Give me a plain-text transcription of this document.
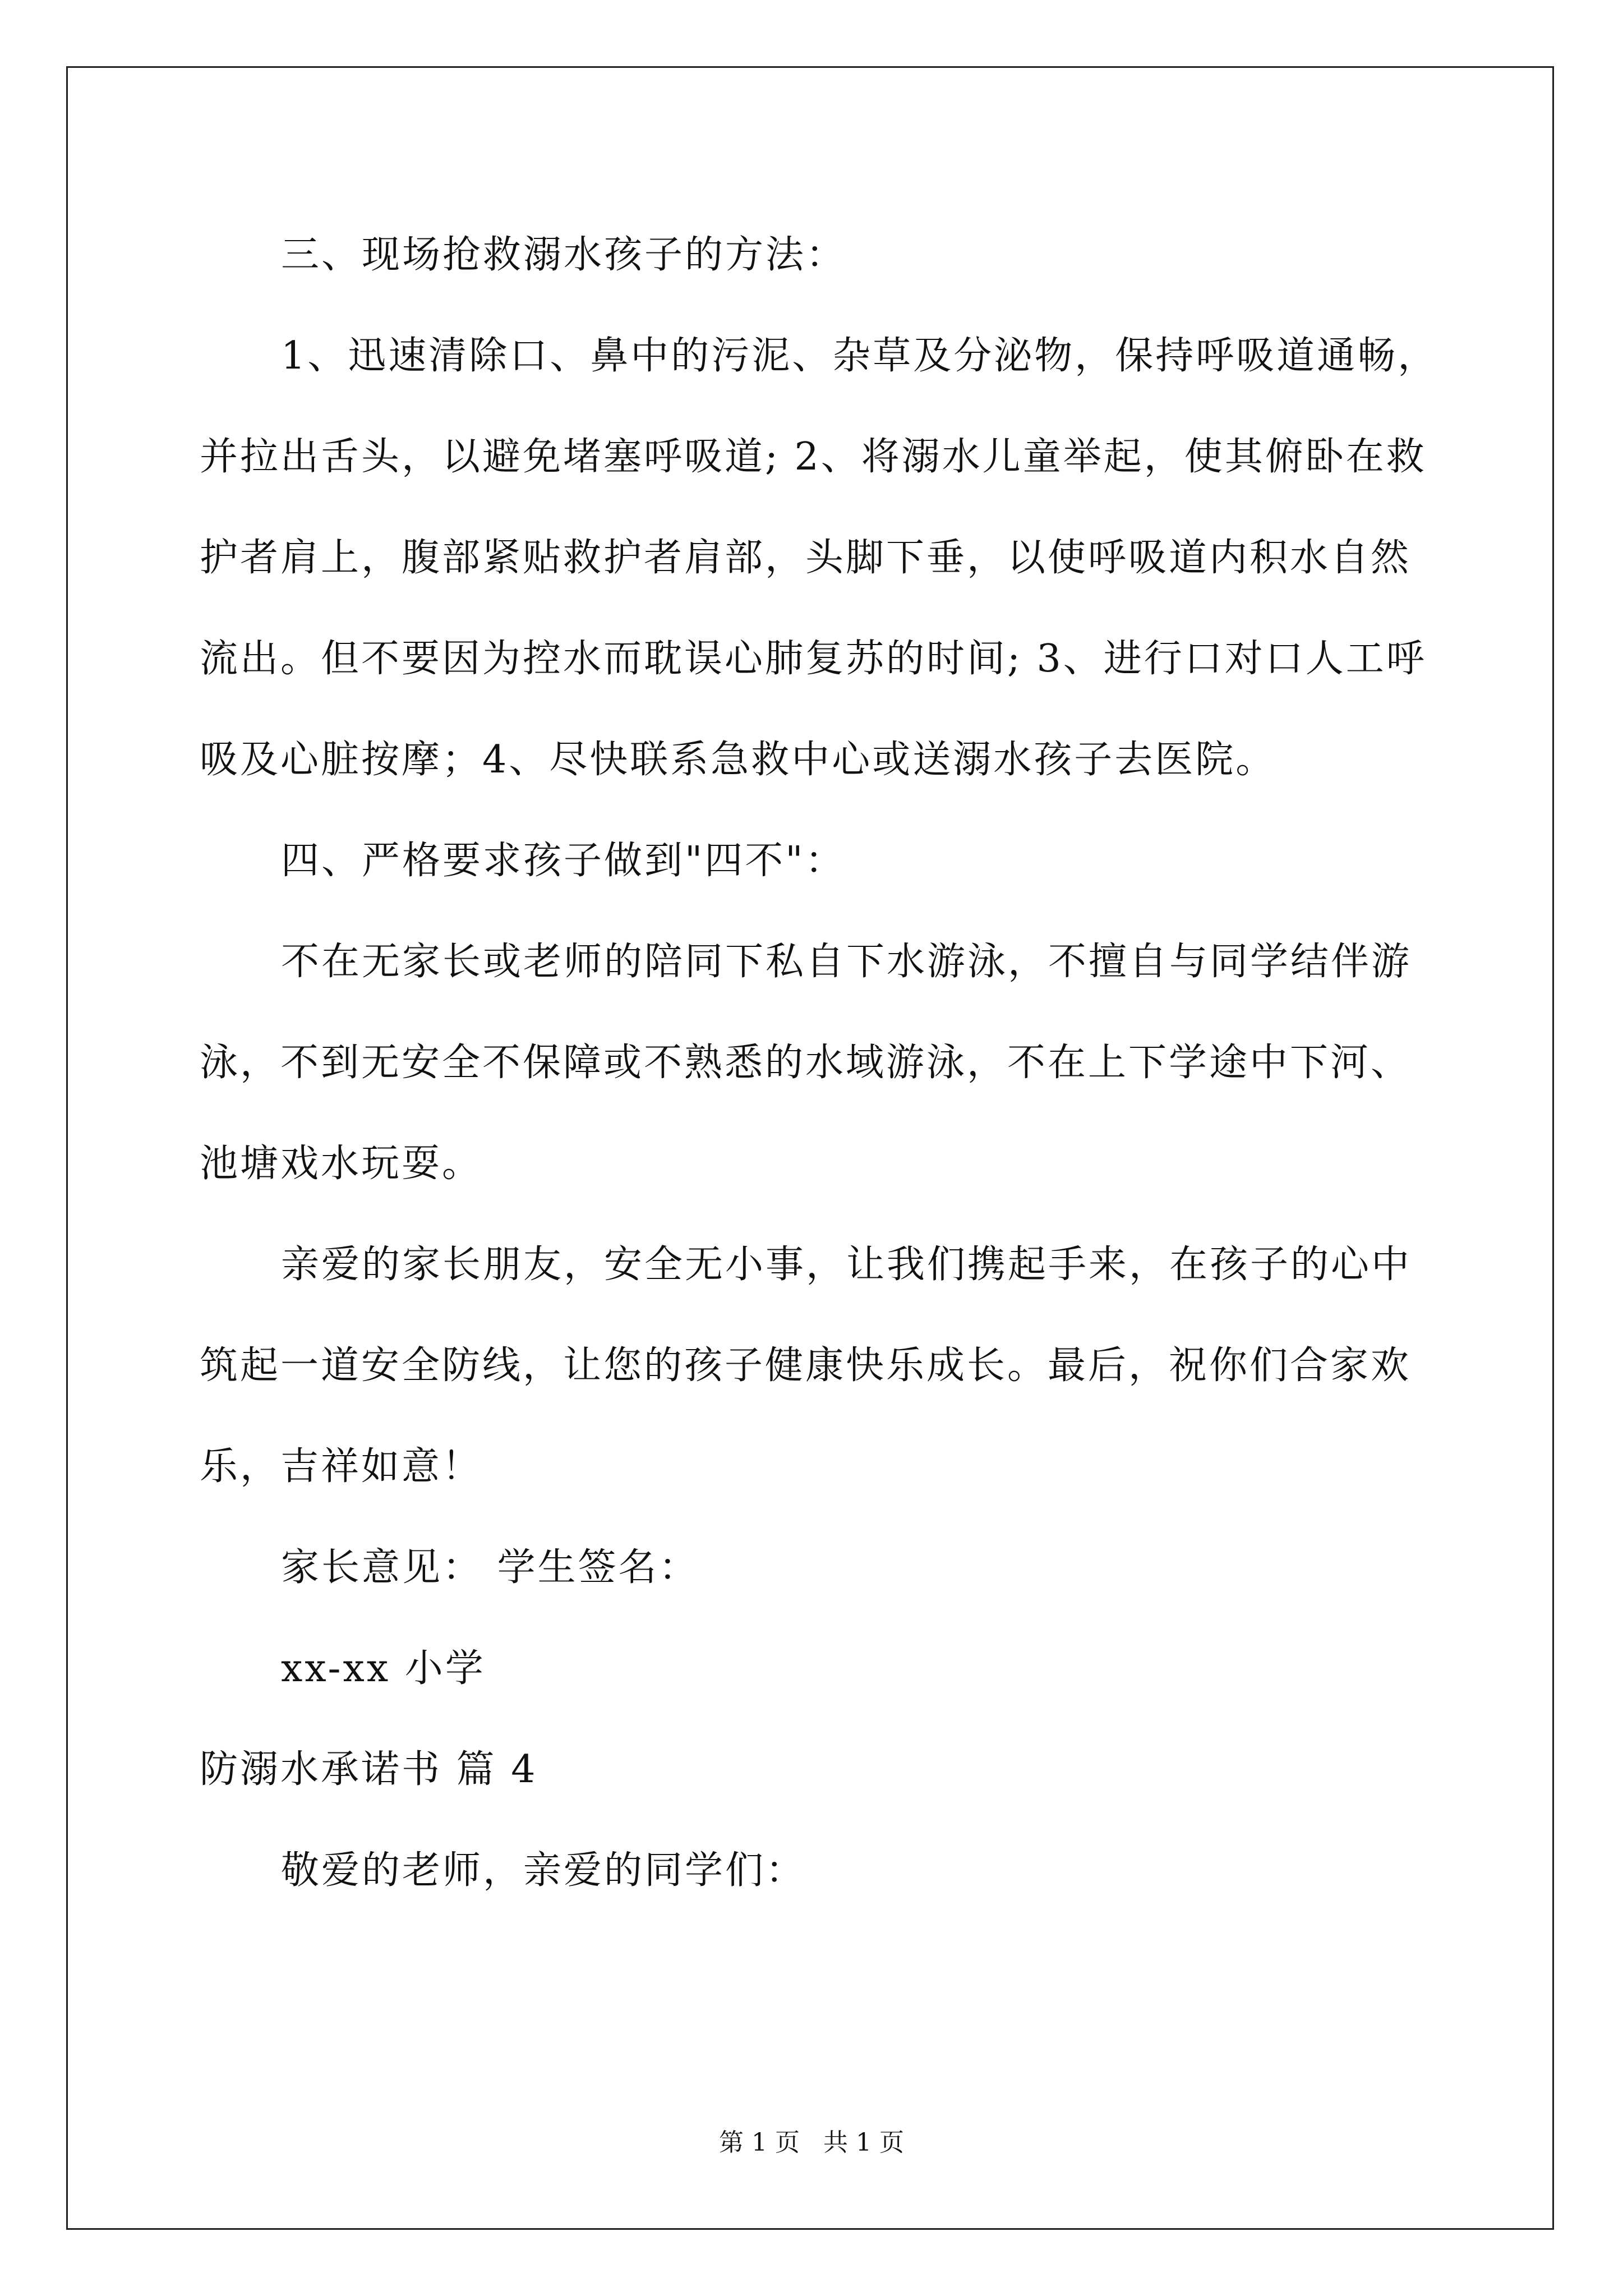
三、现场抢救溺水孩子的方法：
1、迅速清除口、鼻中的污泥、杂草及分泌物，保持呼吸道通畅，
并拉出舌头，以避免堵塞呼吸道; 2、将溺水儿童举起，使其俯卧在救
护者肩上，腹部紧贴救护者肩部，头脚下垂，以使呼吸道内积水自然
流出。但不要因为控水而耽误心肺复苏的时间; 3、进行口对口人工呼
吸及心脏按摩；4、尽快联系急救中心或送溺水孩子去医院。
四、严格要求孩子做到"四不"：
不在无家长或老师的陪同下私自下水游泳，不擅自与同学结伴游
泳，不到无安全不保障或不熟悉的水域游泳，不在上下学途中下河、
池塘戏水玩耍。
亲爱的家长朋友，安全无小事，让我们携起手来，在孩子的心中
筑起一道安全防线，让您的孩子健康快乐成长。最后，祝你们合家欢
乐，吉祥如意！
家长意见： 学生签名：
xx-xx 小学
防溺水承诺书 篇 4
敬爱的老师，亲爱的同学们：
第 1 页   共 1 页
